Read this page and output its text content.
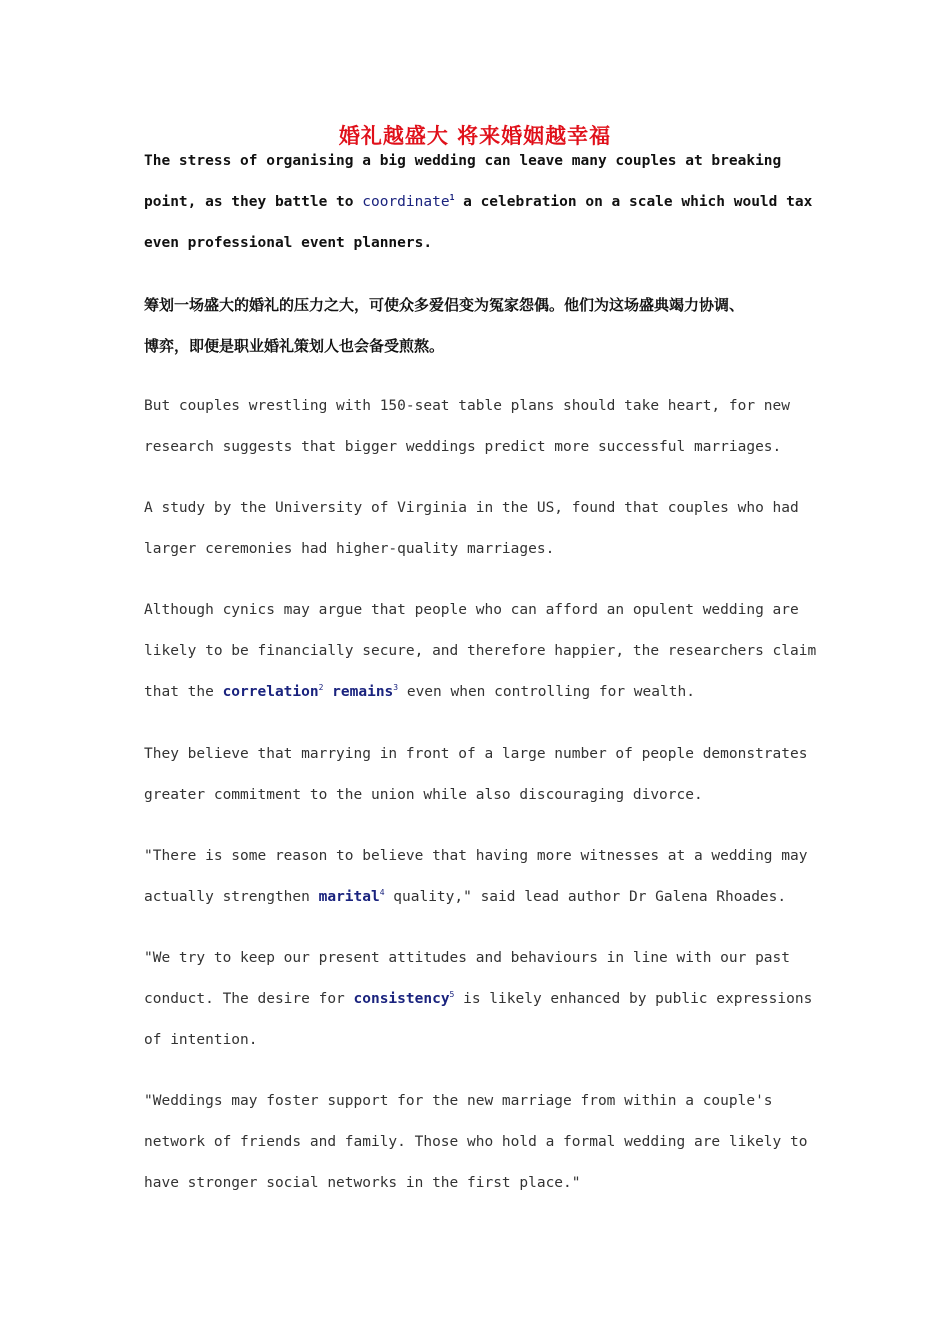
婚礼越盛大 将来婚姻越幸福
The stress of organising a big wedding can leave many couples at breaking
point, as they battle to coordinate$^1$ a celebration on a scale which would tax
even professional event planners.
筹划一场盛大的婚礼的压力之大，可使众多爱侣变为冤家怨偶。他们为这场盛典竭力协调、
博弈，即便是职业婚礼策划人也会备受煎熬。
But couples wrestling with 150-seat table plans should take heart, for new
research suggests that bigger weddings predict more successful marriages.
A study by the University of Virginia in the US, found that couples who had
larger ceremonies had higher-quality marriages.
Although cynics may argue that people who can afford an opulent wedding are
likely to be financially secure, and therefore happier, the researchers claim
that the correlation$^2$ remains$^3$ even when controlling for wealth.
They believe that marrying in front of a large number of people demonstrates
greater commitment to the union while also discouraging divorce.
"There is some reason to believe that having more witnesses at a wedding may
actually strengthen marital$^4$ quality," said lead author Dr Galena Rhoades.
"We try to keep our present attitudes and behaviours in line with our past
conduct. The desire for consistency$^5$ is likely enhanced by public expressions
of intention.
"Weddings may foster support for the new marriage from within a couple's
network of friends and family. Those who hold a formal wedding are likely to
have stronger social networks in the first place."
